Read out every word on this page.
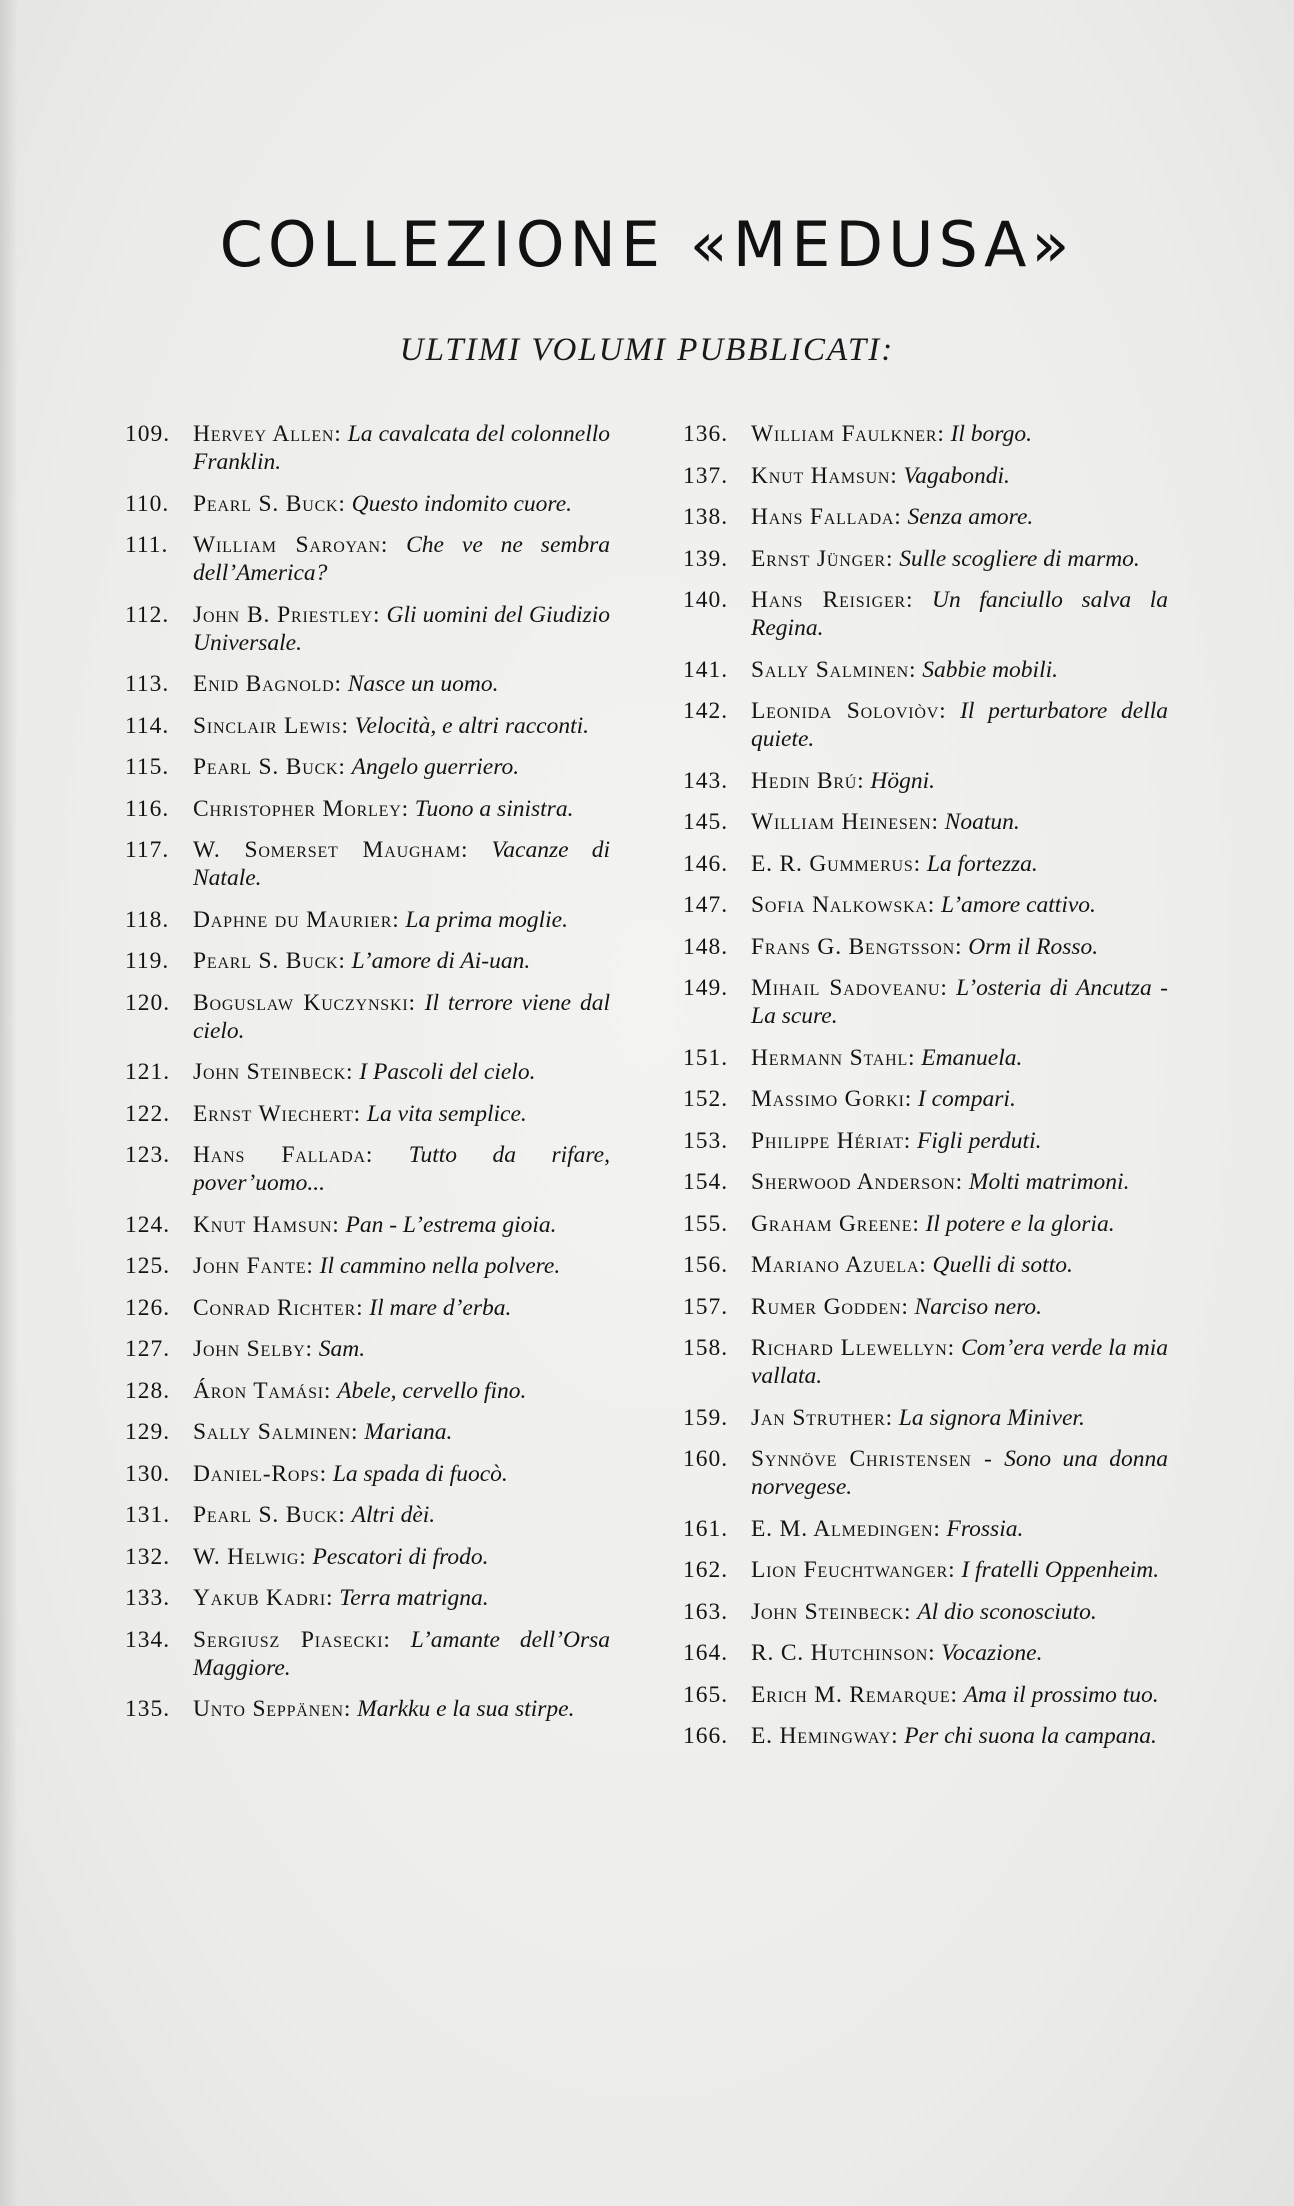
COLLEZIONE «MEDUSA»
ULTIMI VOLUMI PUBBLICATI:
109. Hervey Allen: La cavalcata del colonnello Franklin.
110. Pearl S. Buck: Questo indomito cuore.
111. William Saroyan: Che ve ne sembra dell’America?
112. John B. Priestley: Gli uomini del Giudizio Universale.
113. Enid Bagnold: Nasce un uomo.
114. Sinclair Lewis: Velocità, e altri racconti.
115. Pearl S. Buck: Angelo guerriero.
116. Christopher Morley: Tuono a sinistra.
117. W. Somerset Maugham: Vacanze di Natale.
118. Daphne du Maurier: La prima moglie.
119. Pearl S. Buck: L’amore di Ai-uan.
120. Boguslaw Kuczynski: Il terrore viene dal cielo.
121. John Steinbeck: I Pascoli del cielo.
122. Ernst Wiechert: La vita semplice.
123. Hans Fallada: Tutto da rifare, pover’uomo...
124. Knut Hamsun: Pan - L’estrema gioia.
125. John Fante: Il cammino nella polvere.
126. Conrad Richter: Il mare d’erba.
127. John Selby: Sam.
128. Áron Tamási: Abele, cervello fino.
129. Sally Salminen: Mariana.
130. Daniel-Rops: La spada di fuocò.
131. Pearl S. Buck: Altri dèi.
132. W. Helwig: Pescatori di frodo.
133. Yakub Kadri: Terra matrigna.
134. Sergiusz Piasecki: L’amante dell’Orsa Maggiore.
135. Unto Seppänen: Markku e la sua stirpe.
136. William Faulkner: Il borgo.
137. Knut Hamsun: Vagabondi.
138. Hans Fallada: Senza amore.
139. Ernst Jünger: Sulle scogliere di marmo.
140. Hans Reisiger: Un fanciullo salva la Regina.
141. Sally Salminen: Sabbie mobili.
142. Leonida Soloviòv: Il perturbatore della quiete.
143. Hedin Brú: Högni.
145. William Heinesen: Noatun.
146. E. R. Gummerus: La fortezza.
147. Sofia Nalkowska: L’amore cattivo.
148. Frans G. Bengtsson: Orm il Rosso.
149. Mihail Sadoveanu: L’osteria di Ancutza - La scure.
151. Hermann Stahl: Emanuela.
152. Massimo Gorki: I compari.
153. Philippe Hériat: Figli perduti.
154. Sherwood Anderson: Molti matrimoni.
155. Graham Greene: Il potere e la gloria.
156. Mariano Azuela: Quelli di sotto.
157. Rumer Godden: Narciso nero.
158. Richard Llewellyn: Com’era verde la mia vallata.
159. Jan Struther: La signora Miniver.
160. Synnöve Christensen - Sono una donna norvegese.
161. E. M. Almedingen: Frossia.
162. Lion Feuchtwanger: I fratelli Oppenheim.
163. John Steinbeck: Al dio sconosciuto.
164. R. C. Hutchinson: Vocazione.
165. Erich M. Remarque: Ama il prossimo tuo.
166. E. Hemingway: Per chi suona la campana.
